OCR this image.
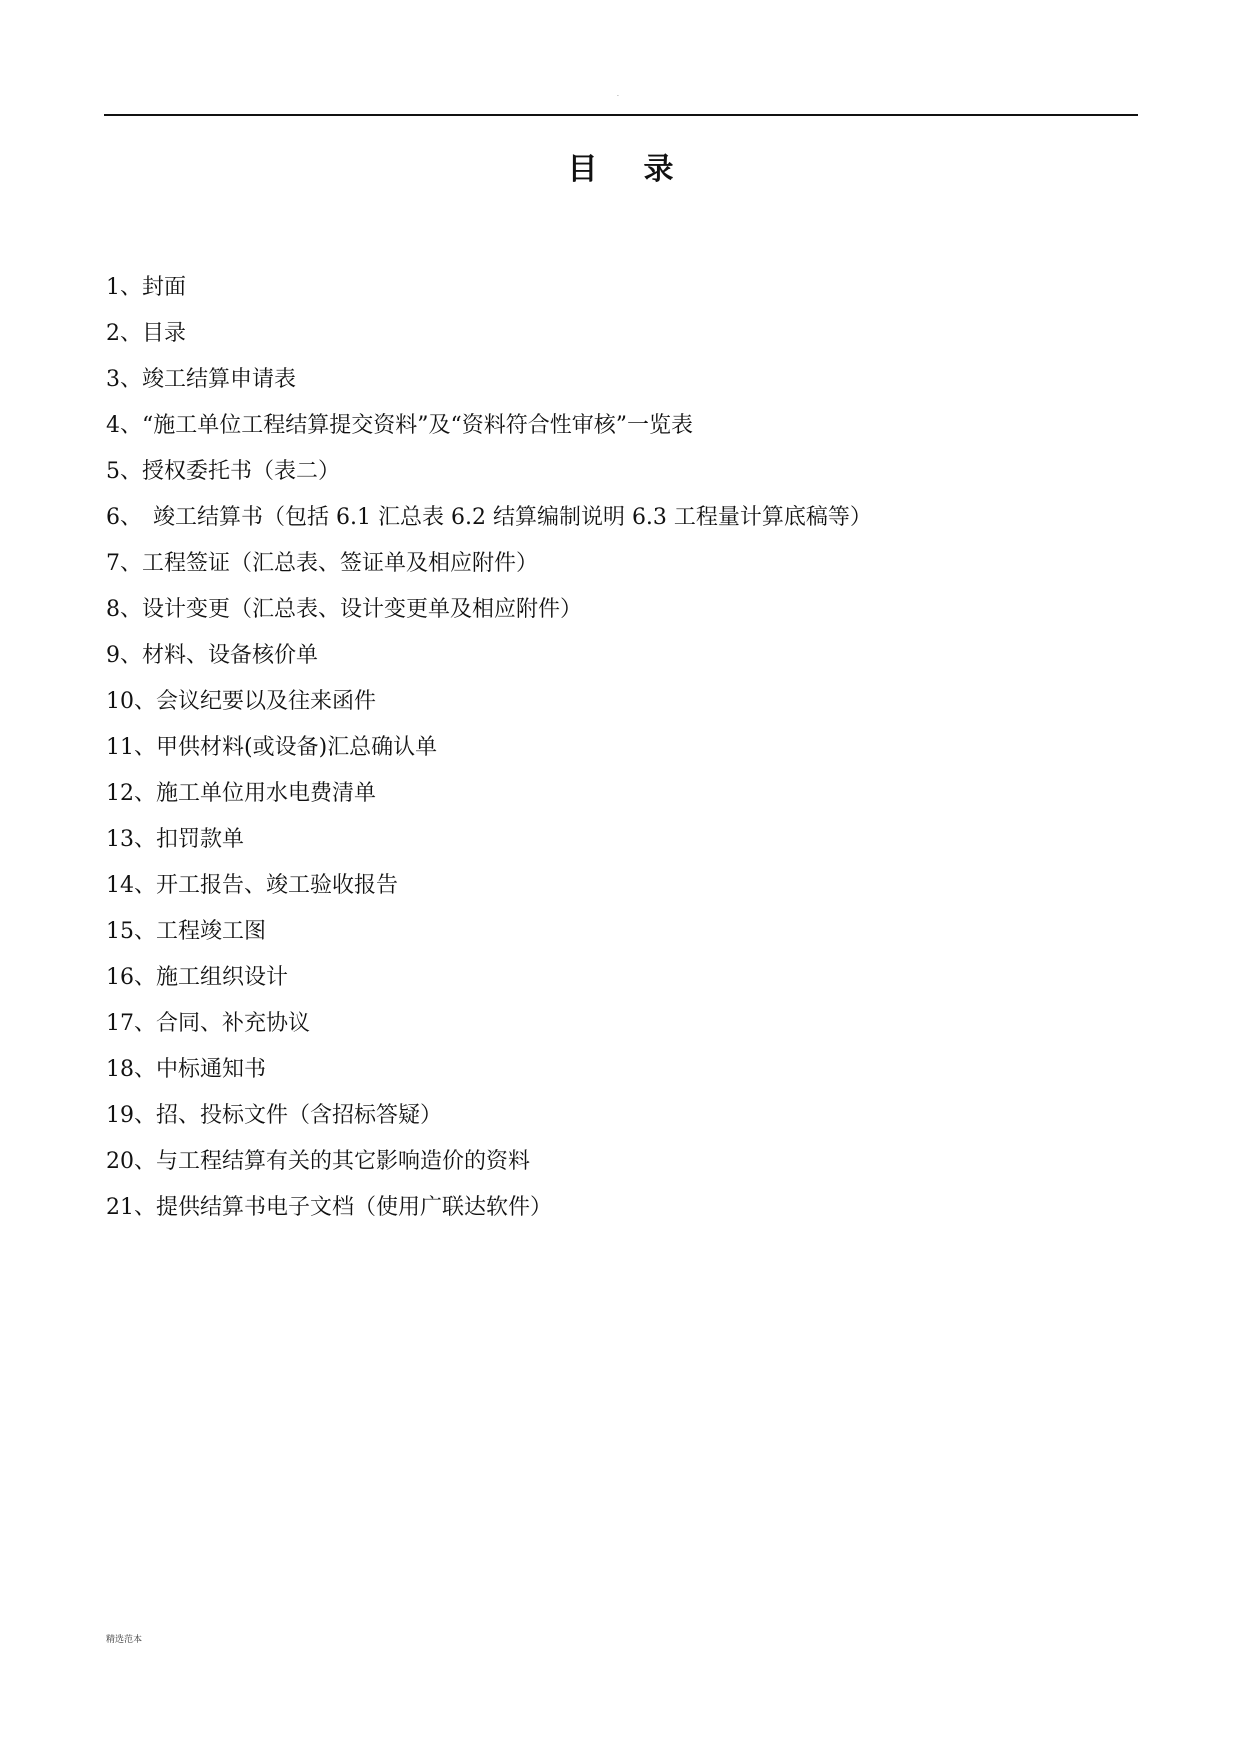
·
目录
1、封面
2、目录
3、竣工结算申请表
4、“施工单位工程结算提交资料”及“资料符合性审核”一览表
5、授权委托书（表二）
6、　竣工结算书（包括 6.1 汇总表 6.2 结算编制说明 6.3 工程量计算底稿等）
7、工程签证（汇总表、签证单及相应附件）
8、设计变更（汇总表、设计变更单及相应附件）
9、材料、设备核价单
10、会议纪要以及往来函件
11、甲供材料(或设备)汇总确认单
12、施工单位用水电费清单
13、扣罚款单
14、开工报告、竣工验收报告
15、工程竣工图
16、施工组织设计
17、合同、补充协议
18、中标通知书
19、招、投标文件（含招标答疑）
20、与工程结算有关的其它影响造价的资料
21、提供结算书电子文档（使用广联达软件）
精选范本
